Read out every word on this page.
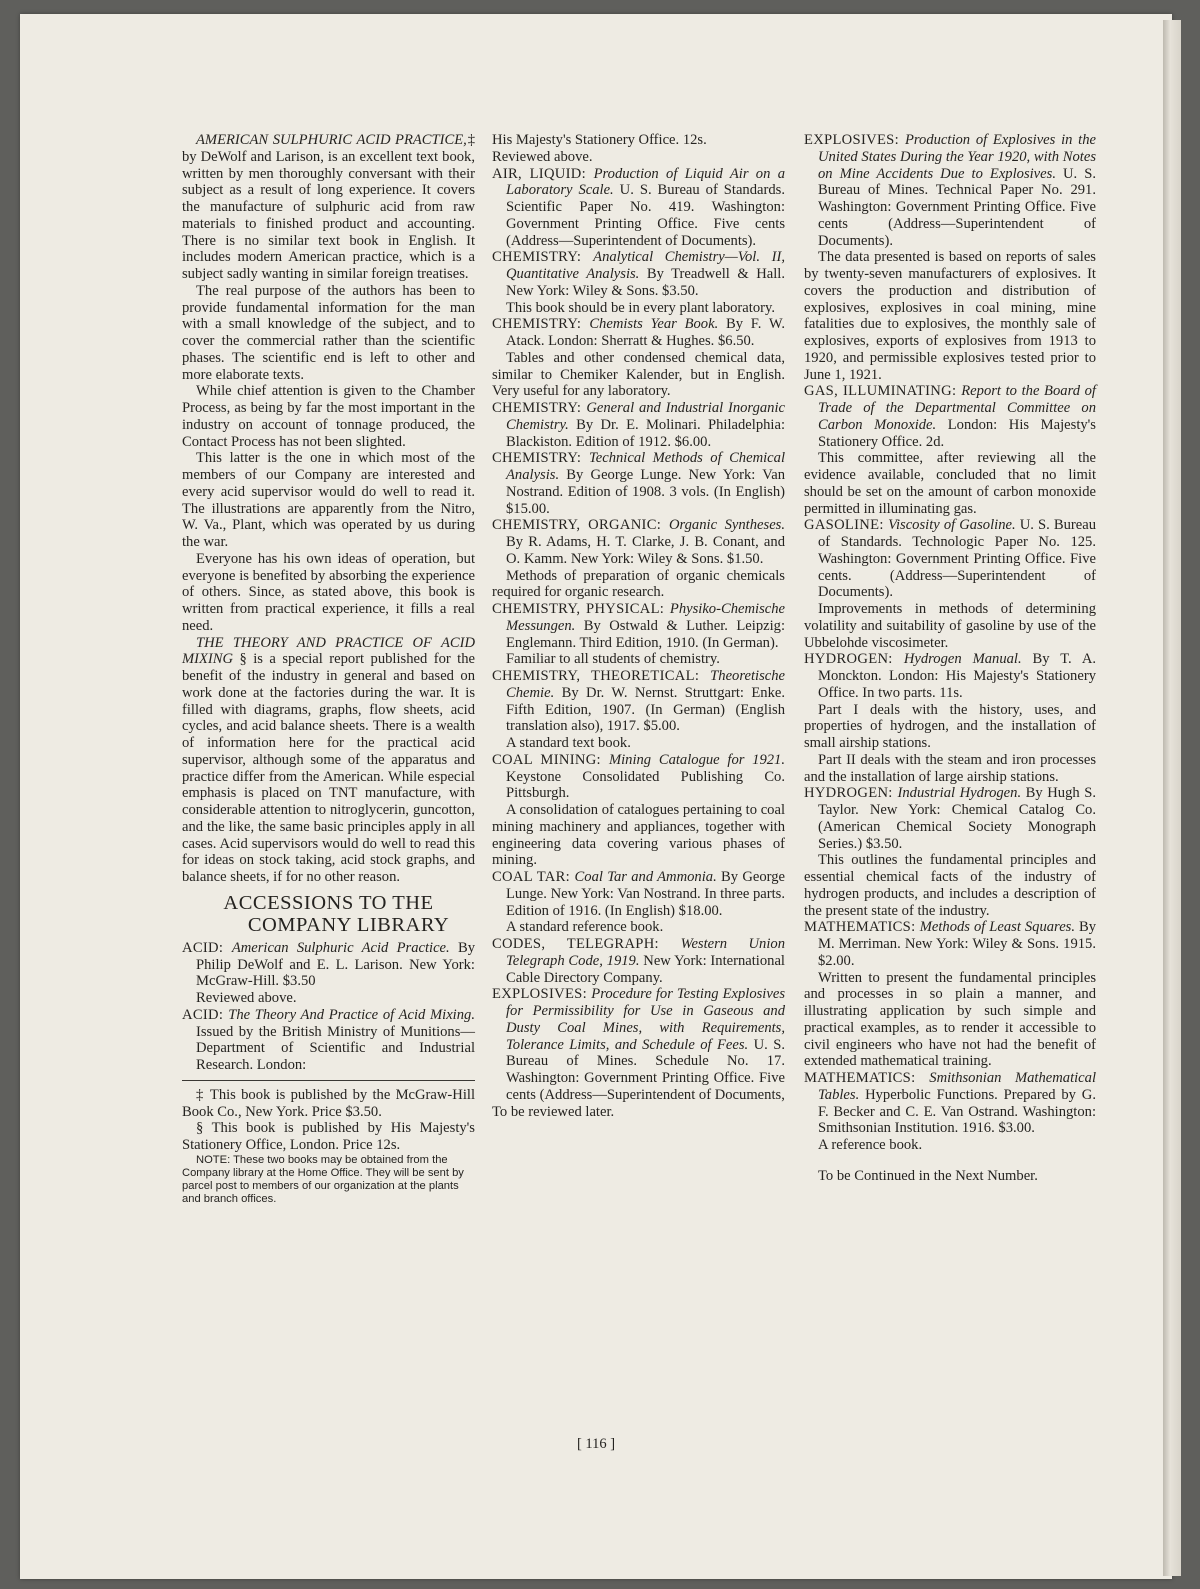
AMERICAN SULPHURIC ACID PRACTICE,‡ by DeWolf and Larison, is an excellent text book, written by men thoroughly conversant with their subject as a result of long experience. It covers the manufacture of sulphuric acid from raw materials to finished product and accounting. There is no similar text book in English. It includes modern American practice, which is a subject sadly wanting in similar foreign treatises.

The real purpose of the authors has been to provide fundamental information for the man with a small knowledge of the subject, and to cover the commercial rather than the scientific phases. The scientific end is left to other and more elaborate texts.

While chief attention is given to the Chamber Process, as being by far the most important in the industry on account of tonnage produced, the Contact Process has not been slighted.

This latter is the one in which most of the members of our Company are interested and every acid supervisor would do well to read it. The illustrations are apparently from the Nitro, W. Va., Plant, which was operated by us during the war.

Everyone has his own ideas of operation, but everyone is benefited by absorbing the experience of others. Since, as stated above, this book is written from practical experience, it fills a real need.

THE THEORY AND PRACTICE OF ACID MIXING § is a special report published for the benefit of the industry in general and based on work done at the factories during the war. It is filled with diagrams, graphs, flow sheets, acid cycles, and acid balance sheets. There is a wealth of information here for the practical acid supervisor, although some of the apparatus and practice differ from the American. While especial emphasis is placed on TNT manufacture, with considerable attention to nitroglycerin, guncotton, and the like, the same basic principles apply in all cases. Acid supervisors would do well to read this for ideas on stock taking, acid stock graphs, and balance sheets, if for no other reason.

ACCESSIONS TO THE
COMPANY LIBRARY

ACID: American Sulphuric Acid Practice. By Philip DeWolf and E. L. Larison. New York: McGraw-Hill. $3.50

Reviewed above.

ACID: The Theory And Practice of Acid Mixing. Issued by the British Ministry of Munitions—Department of Scientific and Industrial Research. London:

‡ This book is published by the McGraw-Hill Book Co., New York. Price $3.50.

§ This book is published by His Majesty's Stationery Office, London. Price 12s.

NOTE: These two books may be obtained from the Company library at the Home Office. They will be sent by parcel post to members of our organization at the plants and branch offices.

His Majesty's Stationery Office. 12s.

Reviewed above.

AIR, LIQUID: Production of Liquid Air on a Laboratory Scale. U. S. Bureau of Standards. Scientific Paper No. 419. Washington: Government Printing Office. Five cents (Address—Superintendent of Documents).

CHEMISTRY: Analytical Chemistry—Vol. II, Quantitative Analysis. By Treadwell & Hall. New York: Wiley & Sons. $3.50.

This book should be in every plant laboratory.

CHEMISTRY: Chemists Year Book. By F. W. Atack. London: Sherratt & Hughes. $6.50.

Tables and other condensed chemical data, similar to Chemiker Kalender, but in English. Very useful for any laboratory.

CHEMISTRY: General and Industrial Inorganic Chemistry. By Dr. E. Molinari. Philadelphia: Blackiston. Edition of 1912. $6.00.

CHEMISTRY: Technical Methods of Chemical Analysis. By George Lunge. New York: Van Nostrand. Edition of 1908. 3 vols. (In English) $15.00.

CHEMISTRY, ORGANIC: Organic Syntheses. By R. Adams, H. T. Clarke, J. B. Conant, and O. Kamm. New York: Wiley & Sons. $1.50.

Methods of preparation of organic chemicals required for organic research.

CHEMISTRY, PHYSICAL: Physiko-Chemische Messungen. By Ostwald & Luther. Leipzig: Englemann. Third Edition, 1910. (In German).

Familiar to all students of chemistry.

CHEMISTRY, THEORETICAL: Theoretische Chemie. By Dr. W. Nernst. Struttgart: Enke. Fifth Edition, 1907. (In German) (English translation also), 1917. $5.00.

A standard text book.

COAL MINING: Mining Catalogue for 1921. Keystone Consolidated Publishing Co. Pittsburgh.

A consolidation of catalogues pertaining to coal mining machinery and appliances, together with engineering data covering various phases of mining.

COAL TAR: Coal Tar and Ammonia. By George Lunge. New York: Van Nostrand. In three parts. Edition of 1916. (In English) $18.00.

A standard reference book.

CODES, TELEGRAPH: Western Union Telegraph Code, 1919. New York: International Cable Directory Company.

EXPLOSIVES: Procedure for Testing Explosives for Permissibility for Use in Gaseous and Dusty Coal Mines, with Requirements, Tolerance Limits, and Schedule of Fees. U. S. Bureau of Mines. Schedule No. 17. Washington: Government Printing Office. Five cents (Address—Superintendent of Documents,

To be reviewed later.

EXPLOSIVES: Production of Explosives in the United States During the Year 1920, with Notes on Mine Accidents Due to Explosives. U. S. Bureau of Mines. Technical Paper No. 291. Washington: Government Printing Office. Five cents (Address—Superintendent of Documents).

The data presented is based on reports of sales by twenty-seven manufacturers of explosives. It covers the production and distribution of explosives, explosives in coal mining, mine fatalities due to explosives, the monthly sale of explosives, exports of explosives from 1913 to 1920, and permissible explosives tested prior to June 1, 1921.

GAS, ILLUMINATING: Report to the Board of Trade of the Departmental Committee on Carbon Monoxide. London: His Majesty's Stationery Office. 2d.

This committee, after reviewing all the evidence available, concluded that no limit should be set on the amount of carbon monoxide permitted in illuminating gas.

GASOLINE: Viscosity of Gasoline. U. S. Bureau of Standards. Technologic Paper No. 125. Washington: Government Printing Office. Five cents. (Address—Superintendent of Documents).

Improvements in methods of determining volatility and suitability of gasoline by use of the Ubbelohde viscosimeter.

HYDROGEN: Hydrogen Manual. By T. A. Monckton. London: His Majesty's Stationery Office. In two parts. 11s.

Part I deals with the history, uses, and properties of hydrogen, and the installation of small airship stations.

Part II deals with the steam and iron processes and the installation of large airship stations.

HYDROGEN: Industrial Hydrogen. By Hugh S. Taylor. New York: Chemical Catalog Co. (American Chemical Society Monograph Series.) $3.50.

This outlines the fundamental principles and essential chemical facts of the industry of hydrogen products, and includes a description of the present state of the industry.

MATHEMATICS: Methods of Least Squares. By M. Merriman. New York: Wiley & Sons. 1915. $2.00.

Written to present the fundamental principles and processes in so plain a manner, and illustrating application by such simple and practical examples, as to render it accessible to civil engineers who have not had the benefit of extended mathematical training.

MATHEMATICS: Smithsonian Mathematical Tables. Hyperbolic Functions. Prepared by G. F. Becker and C. E. Van Ostrand. Washington: Smithsonian Institution. 1916. $3.00.

A reference book.

To be Continued in the Next Number.

[ 116 ]
